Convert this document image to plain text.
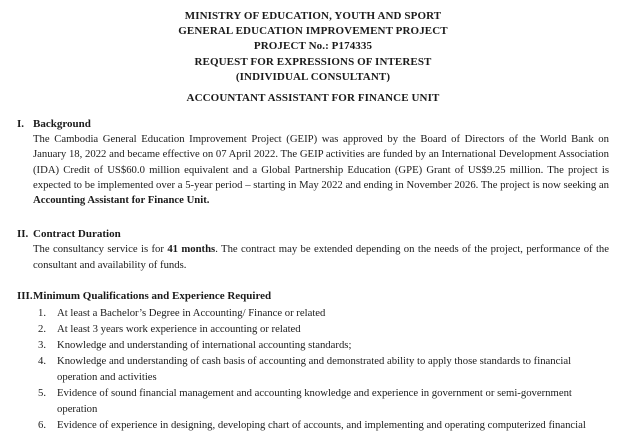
MINISTRY OF EDUCATION, YOUTH AND SPORT
GENERAL EDUCATION IMPROVEMENT PROJECT
PROJECT No.: P174335
REQUEST FOR EXPRESSIONS OF INTEREST
(INDIVIDUAL CONSULTANT)
ACCOUNTANT ASSISTANT FOR FINANCE UNIT
I. Background

The Cambodia General Education Improvement Project (GEIP) was approved by the Board of Directors of the World Bank on January 18, 2022 and became effective on 07 April 2022. The GEIP activities are funded by an International Development Association (IDA) Credit of US$60.0 million equivalent and a Global Partnership Education (GPE) Grant of US$9.25 million. The project is expected to be implemented over a 5-year period – starting in May 2022 and ending in November 2026. The project is now seeking an Accounting Assistant for Finance Unit.

II. Contract Duration

The consultancy service is for 41 months. The contract may be extended depending on the needs of the project, performance of the consultant and availability of funds.

III. Minimum Qualifications and Experience Required
1.	At least a Bachelor’s Degree in Accounting/ Finance or related
2.	At least 3 years work experience in accounting or related
3.	Knowledge and understanding of international accounting standards;
4.	Knowledge and understanding of cash basis of accounting and demonstrated ability to apply those standards to financial operation and activities
5.	Evidence of sound financial management and accounting knowledge and experience in government or semi-government operation
6.	Evidence of experience in designing, developing chart of accounts, and implementing and operating computerized financial
